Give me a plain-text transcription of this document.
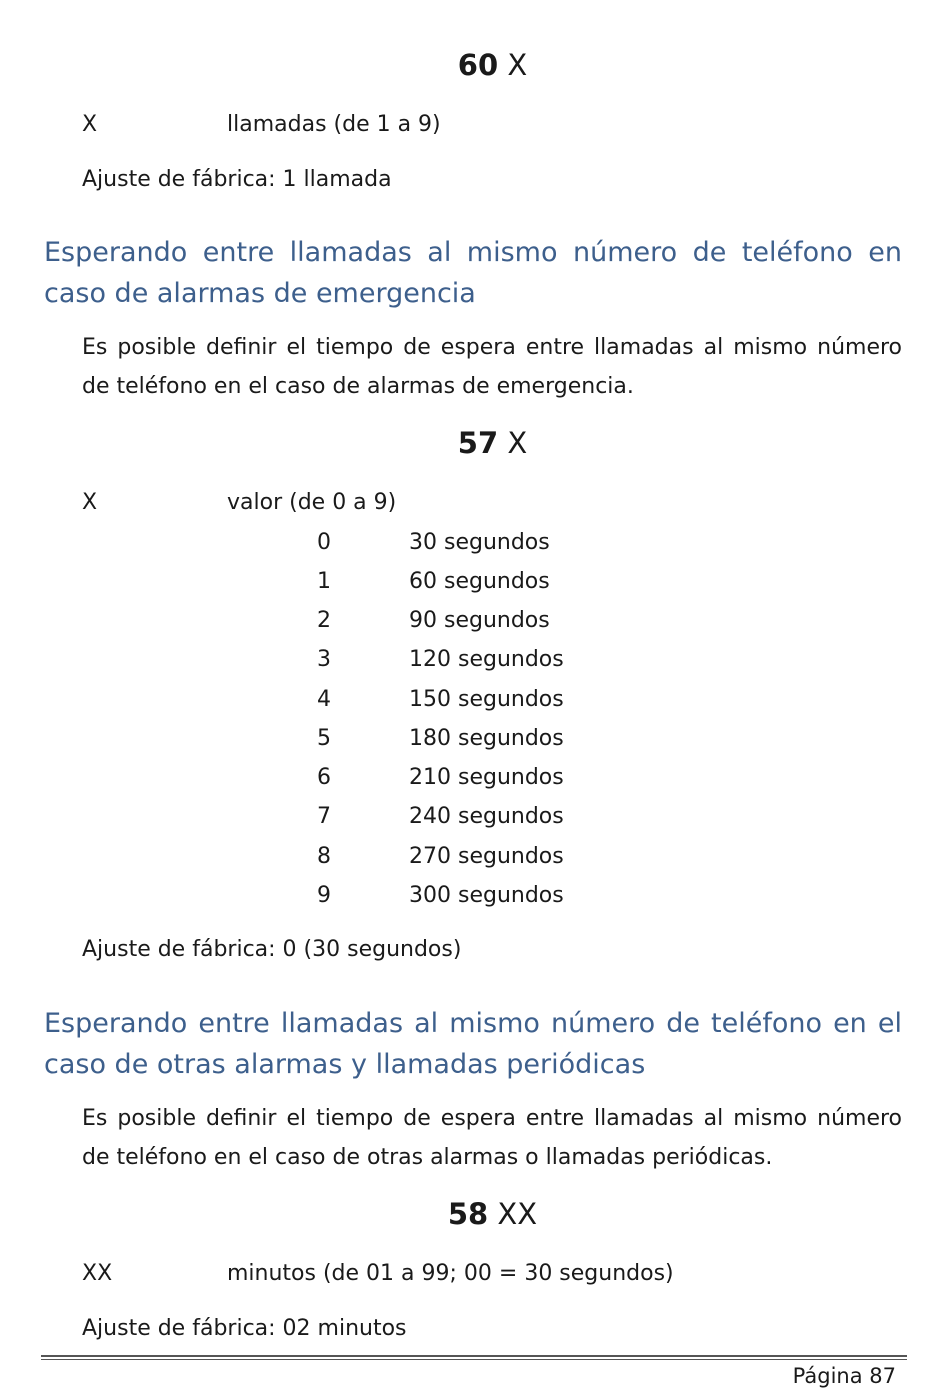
60 X
X	llamadas (de 1 a 9)
Ajuste de fábrica: 1 llamada
Esperando entre llamadas al mismo número de teléfono en caso de alarmas de emergencia
Es posible definir el tiempo de espera entre llamadas al mismo número de teléfono en el caso de alarmas de emergencia.
57 X
X	valor (de 0 a 9)
0	30 segundos
1	60 segundos
2	90 segundos
3	120 segundos
4	150 segundos
5	180 segundos
6	210 segundos
7	240 segundos
8	270 segundos
9	300 segundos
Ajuste de fábrica: 0 (30 segundos)
Esperando entre llamadas al mismo número de teléfono en el caso de otras alarmas y llamadas periódicas
Es posible definir el tiempo de espera entre llamadas al mismo número de teléfono en el caso de otras alarmas o llamadas periódicas.
58 XX
XX	minutos (de 01 a 99; 00 = 30 segundos)
Ajuste de fábrica: 02 minutos
Página 87
